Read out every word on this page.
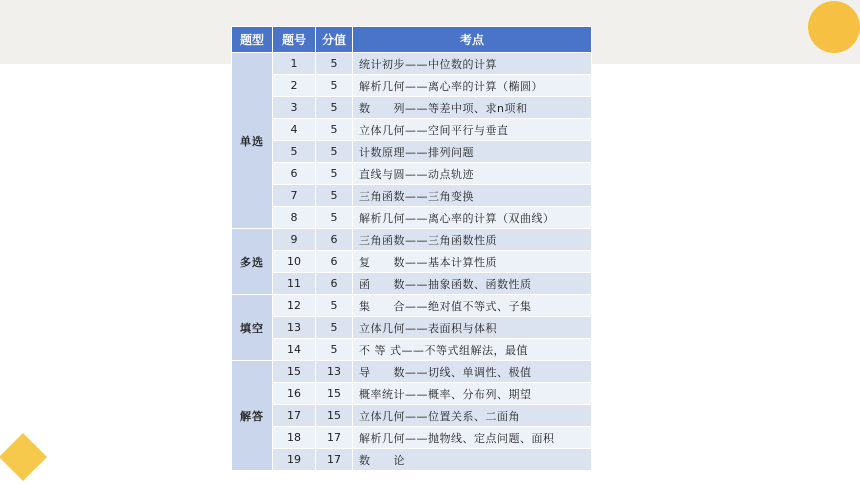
题型	题号	分值	考点
单选	1	5	统计初步——中位数的计算
	2	5	解析几何——离心率的计算（椭圆）
	3	5	数　　列——等差中项、求n项和
	4	5	立体几何——空间平行与垂直
	5	5	计数原理——排列问题
	6	5	直线与圆——动点轨迹
	7	5	三角函数——三角变换
	8	5	解析几何——离心率的计算（双曲线）
多选	9	6	三角函数——三角函数性质
	10	6	复　　数——基本计算性质
	11	6	函　　数——抽象函数、函数性质
填空	12	5	集　　合——绝对值不等式、子集
	13	5	立体几何——表面积与体积
	14	5	不 等 式——不等式组解法，最值
解答	15	13	导　　数——切线、单调性、极值
	16	15	概率统计——概率、分布列、期望
	17	15	立体几何——位置关系、二面角
	18	17	解析几何——抛物线、定点问题、面积
	19	17	数　　论
